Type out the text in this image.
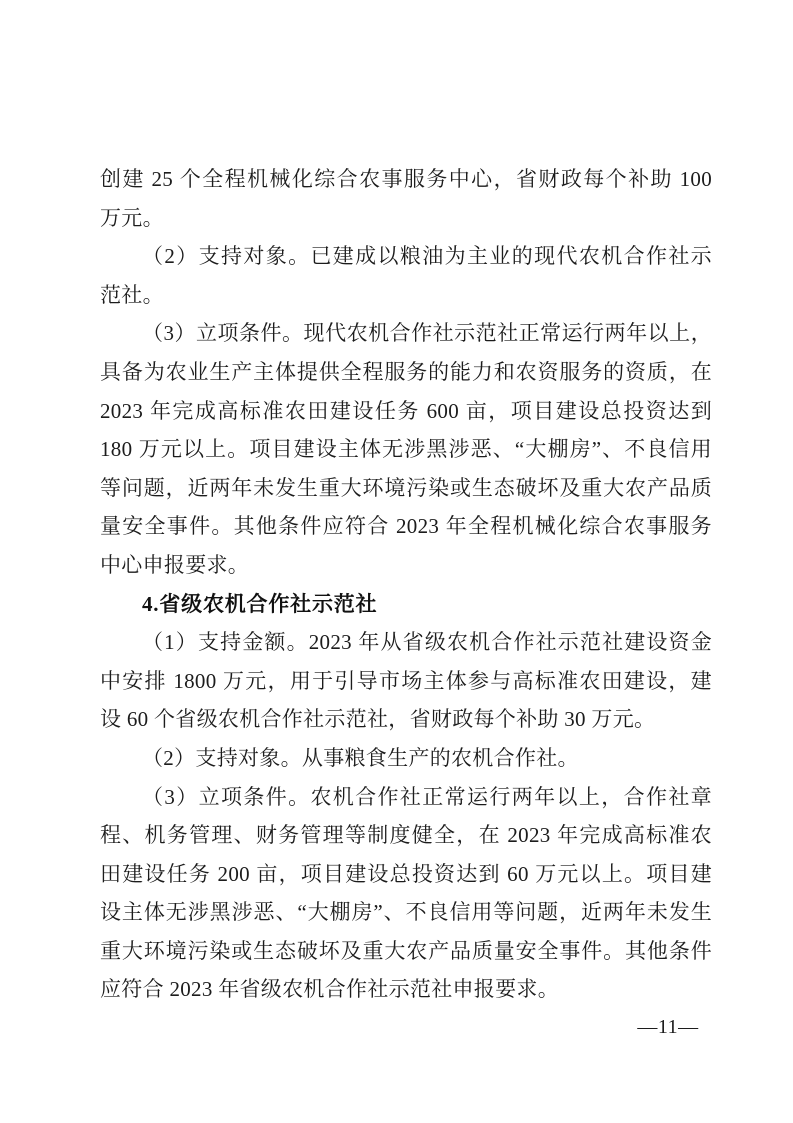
创建 25 个全程机械化综合农事服务中心，省财政每个补助 100
万元。
（2）支持对象。已建成以粮油为主业的现代农机合作社示
范社。
（3）立项条件。现代农机合作社示范社正常运行两年以上，
具备为农业生产主体提供全程服务的能力和农资服务的资质，在
2023 年完成高标准农田建设任务 600 亩，项目建设总投资达到
180 万元以上。项目建设主体无涉黑涉恶、“大棚房”、不良信用
等问题，近两年未发生重大环境污染或生态破坏及重大农产品质
量安全事件。其他条件应符合 2023 年全程机械化综合农事服务
中心申报要求。
4.省级农机合作社示范社
（1）支持金额。2023 年从省级农机合作社示范社建设资金
中安排 1800 万元，用于引导市场主体参与高标准农田建设，建
设 60 个省级农机合作社示范社，省财政每个补助 30 万元。
（2）支持对象。从事粮食生产的农机合作社。
（3）立项条件。农机合作社正常运行两年以上，合作社章
程、机务管理、财务管理等制度健全，在 2023 年完成高标准农
田建设任务 200 亩，项目建设总投资达到 60 万元以上。项目建
设主体无涉黑涉恶、“大棚房”、不良信用等问题，近两年未发生
重大环境污染或生态破坏及重大农产品质量安全事件。其他条件
应符合 2023 年省级农机合作社示范社申报要求。
—11—
